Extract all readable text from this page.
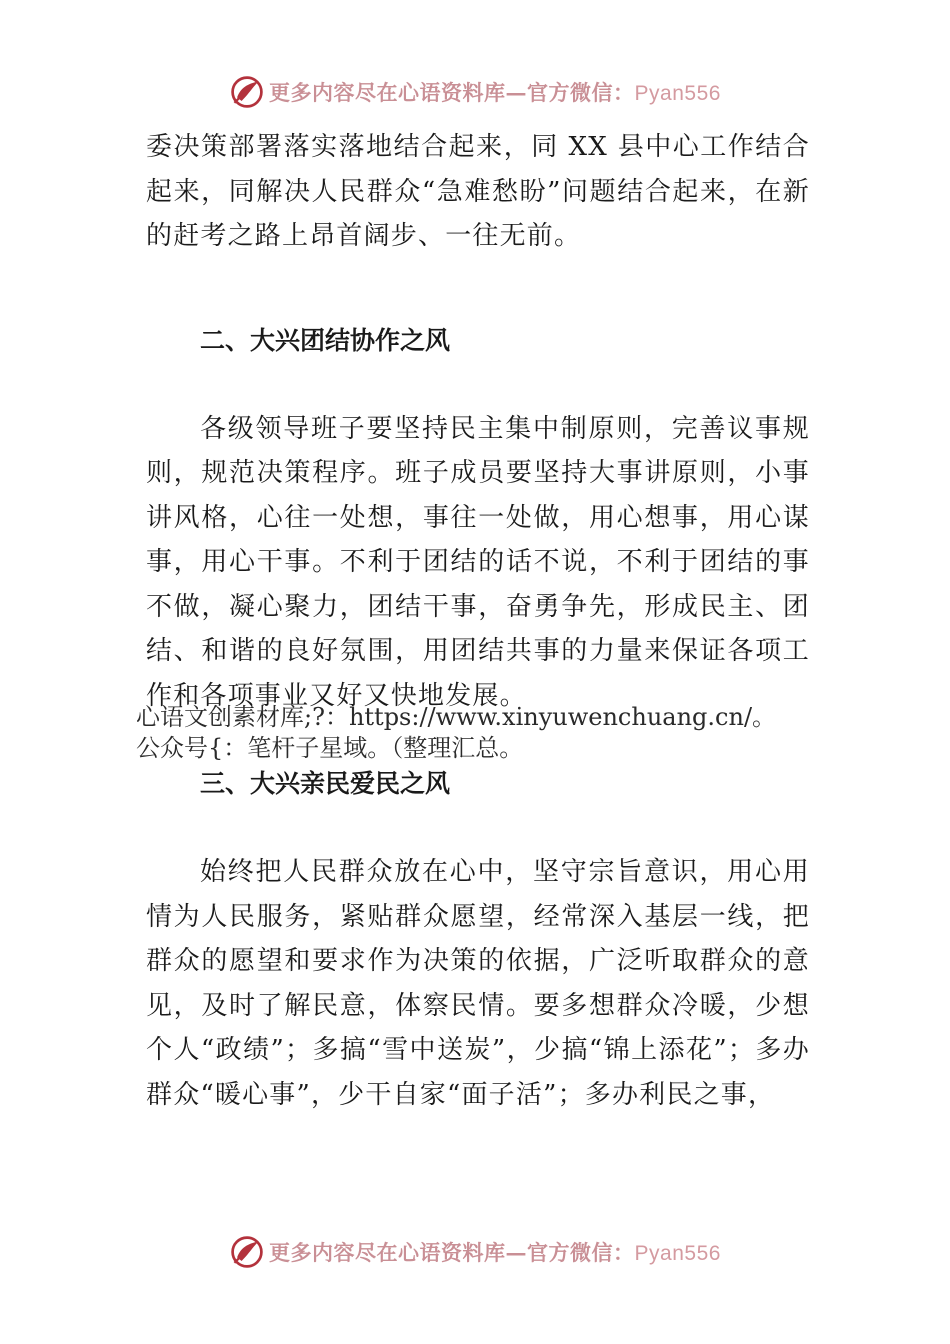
更多内容尽在心语资料库—官方微信：Pyan556

委决策部署落实落地结合起来，同 XX 县中心工作结合起来，同解决人民群众“急难愁盼”问题结合起来，在新的赶考之路上昂首阔步、一往无前。

二、大兴团结协作之风

各级领导班子要坚持民主集中制原则，完善议事规则，规范决策程序。班子成员要坚持大事讲原则，小事讲风格，心往一处想，事往一处做，用心想事，用心谋事，用心干事。不利于团结的话不说，不利于团结的事不做，凝心聚力，团结干事，奋勇争先，形成民主、团结、和谐的良好氛围，用团结共事的力量来保证各项工作和各项事业又好又快地发展。

心语文创素材库;?：https://www.xinyuwenchuang.cn/。
公众号{：笔杆子星域。（整理汇总。

三、大兴亲民爱民之风

始终把人民群众放在心中，坚守宗旨意识，用心用情为人民服务，紧贴群众愿望，经常深入基层一线，把群众的愿望和要求作为决策的依据，广泛听取群众的意见，及时了解民意，体察民情。要多想群众冷暖，少想个人“政绩”；多搞“雪中送炭”，少搞“锦上添花”；多办群众“暖心事”，少干自家“面子活”；多办利民之事，

更多内容尽在心语资料库—官方微信：Pyan556
